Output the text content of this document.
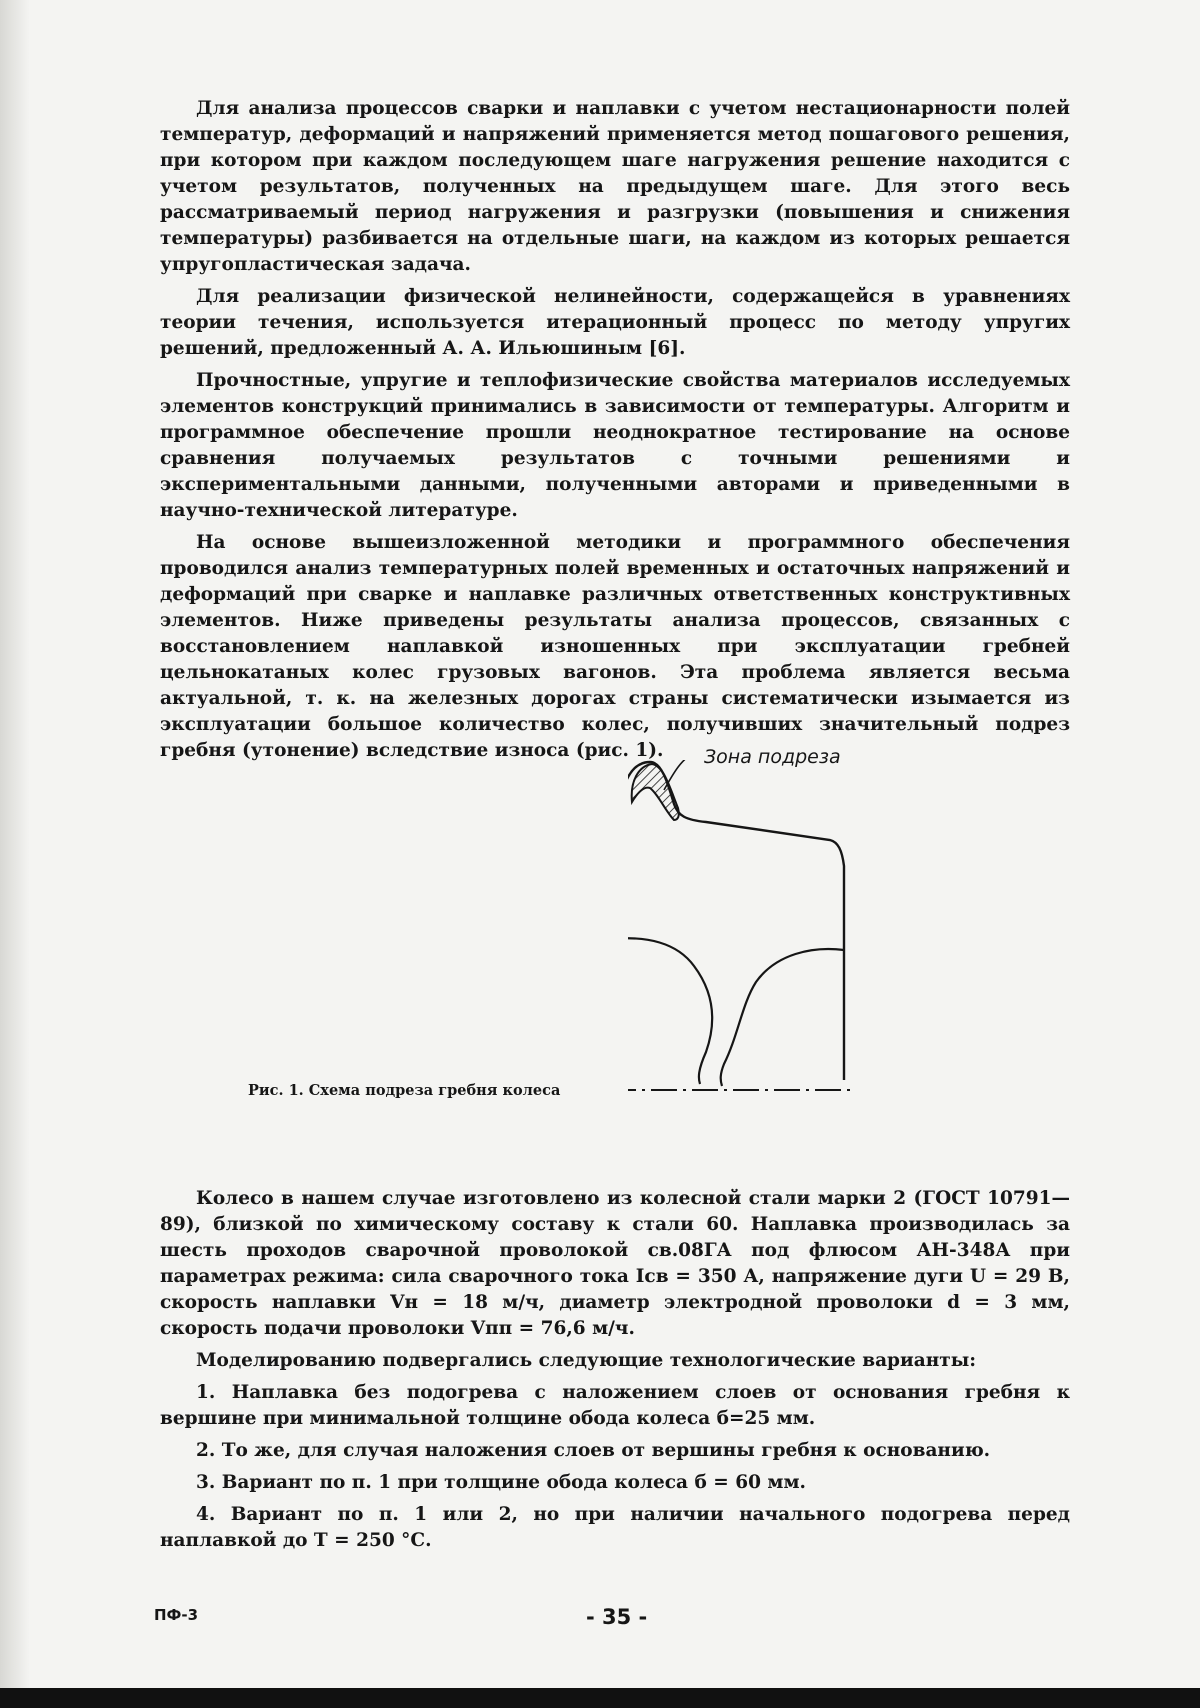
Для анализа процессов сварки и наплавки с учетом нестационарности полей температур, деформаций и напряжений применяется метод пошагового решения, при котором при каждом последующем шаге нагружения решение находится с учетом результатов, полученных на предыдущем шаге. Для этого весь рассматриваемый период нагружения и разгрузки (повышения и снижения температуры) разбивается на отдельные шаги, на каждом из которых решается упругопластическая задача.

Для реализации физической нелинейности, содержащейся в уравнениях теории течения, используется итерационный процесс по методу упругих решений, предложенный А. А. Ильюшиным [6].

Прочностные, упругие и теплофизические свойства материалов исследуемых элементов конструкций принимались в зависимости от температуры. Алгоритм и программное обеспечение прошли неоднократное тестирование на основе сравнения получаемых результатов с точными решениями и экспериментальными данными, полученными авторами и приведенными в научно-технической литературе.

На основе вышеизложенной методики и программного обеспечения проводился анализ температурных полей временных и остаточных напряжений и деформаций при сварке и наплавке различных ответственных конструктивных элементов. Ниже приведены результаты анализа процессов, связанных с восстановлением наплавкой изношенных при эксплуатации гребней цельнокатаных колес грузовых вагонов. Эта проблема является весьма актуальной, т. к. на железных дорогах страны систематически изымается из эксплуатации большое количество колес, получивших значительный подрез гребня (утонение) вследствие износа (рис. 1).	Зона подреза
Рис. 1. Схема подреза гребня колеса

Колесо в нашем случае изготовлено из колесной стали марки 2 (ГОСТ 10791—89), близкой по химическому составу к стали 60. Наплавка производилась за шесть проходов сварочной проволокой св.08ГА под флюсом АН-348А при параметрах режима: сила сварочного тока Iсв = 350 А, напряжение дуги U = 29 В, скорость наплавки Vн = 18 м/ч, диаметр электродной проволоки d = 3 мм, скорость подачи проволоки Vпп = 76,6 м/ч.

Моделированию подвергались следующие технологические варианты:

1. Наплавка без подогрева с наложением слоев от основания гребня к вершине при минимальной толщине обода колеса б=25 мм.

2. То же, для случая наложения слоев от вершины гребня к основанию.

3. Вариант по п. 1 при толщине обода колеса б = 60 мм.

4. Вариант по п. 1 или 2, но при наличии начального подогрева перед наплавкой до Т = 250 °С.

ПФ-3	- 35 -
